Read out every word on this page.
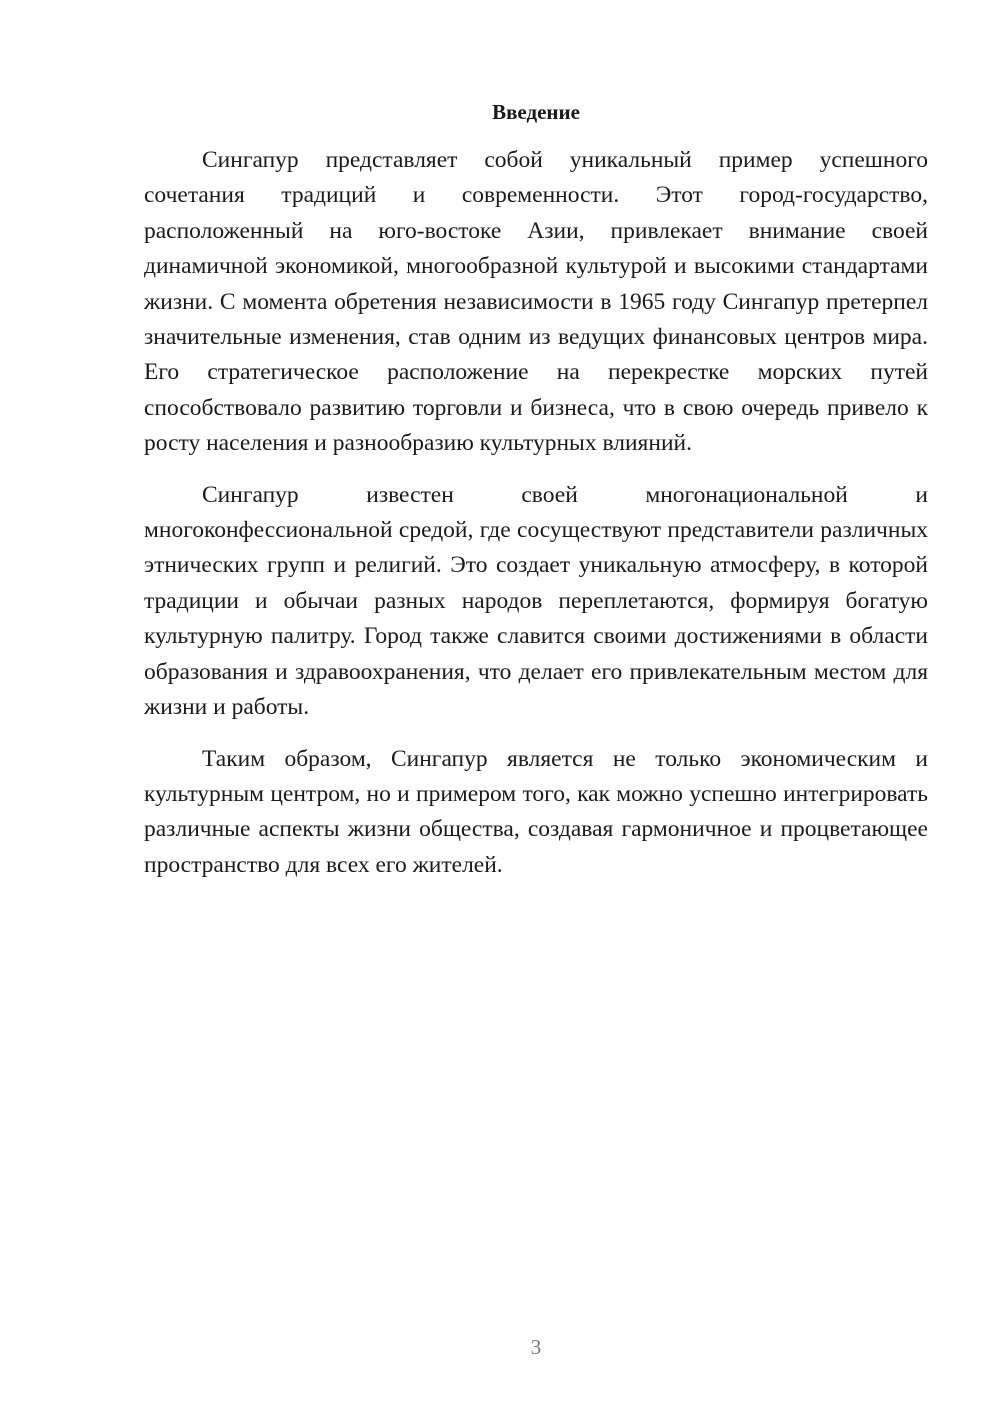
Введение

Сингапур представляет собой уникальный пример успешного сочетания традиций и современности. Этот город-государство, расположенный на юго-востоке Азии, привлекает внимание своей динамичной экономикой, многообразной культурой и высокими стандартами жизни. С момента обретения независимости в 1965 году Сингапур претерпел значительные изменения, став одним из ведущих финансовых центров мира. Его стратегическое расположение на перекрестке морских путей способствовало развитию торговли и бизнеса, что в свою очередь привело к росту населения и разнообразию культурных влияний.

Сингапур известен своей многонациональной и многоконфессиональной средой, где сосуществуют представители различных этнических групп и религий. Это создает уникальную атмосферу, в которой традиции и обычаи разных народов переплетаются, формируя богатую культурную палитру. Город также славится своими достижениями в области образования и здравоохранения, что делает его привлекательным местом для жизни и работы.

Таким образом, Сингапур является не только экономическим и культурным центром, но и примером того, как можно успешно интегрировать различные аспекты жизни общества, создавая гармоничное и процветающее пространство для всех его жителей.

3
